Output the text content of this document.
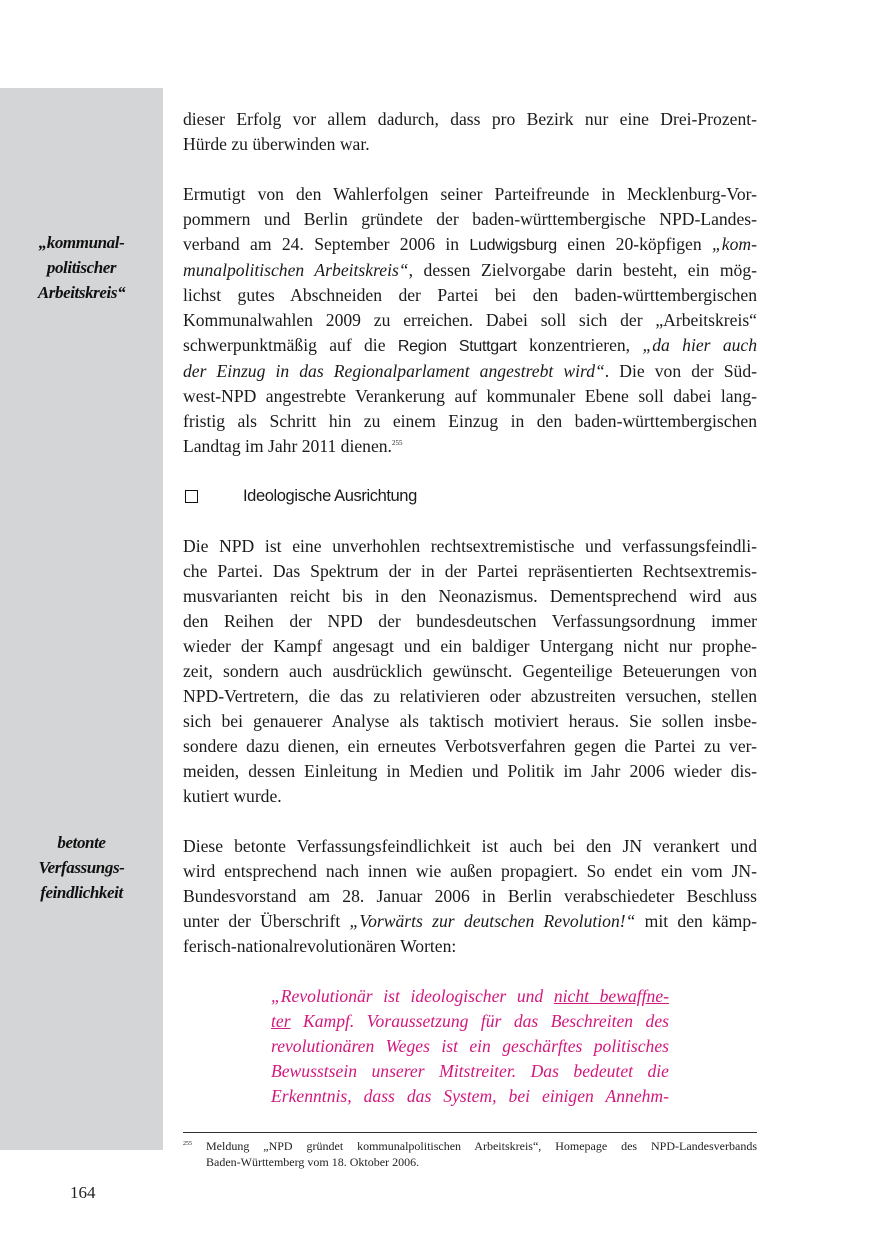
„kommunal-
politischer
Arbeitskreis“
betonte
Verfassungs-
feindlichkeit
dieser Erfolg vor allem dadurch, dass pro Bezirk nur eine Drei-Prozent-
Hürde zu überwinden war.
Ermutigt von den Wahlerfolgen seiner Parteifreunde in Mecklenburg-Vor-
pommern und Berlin gründete der baden-württembergische NPD-Landes-
verband am 24. September 2006 in Ludwigsburg einen 20-köpfigen „kom-
munalpolitischen Arbeitskreis“, dessen Zielvorgabe darin besteht, ein mög-
lichst gutes Abschneiden der Partei bei den baden-württembergischen
Kommunalwahlen 2009 zu erreichen. Dabei soll sich der „Arbeitskreis“
schwerpunktmäßig auf die Region Stuttgart konzentrieren, „da hier auch
der Einzug in das Regionalparlament angestrebt wird“. Die von der Süd-
west-NPD angestrebte Verankerung auf kommunaler Ebene soll dabei lang-
fristig als Schritt hin zu einem Einzug in den baden-württembergischen
Landtag im Jahr 2011 dienen.$^{255}$
Ideologische Ausrichtung
Die NPD ist eine unverhohlen rechtsextremistische und verfassungsfeindli-
che Partei. Das Spektrum der in der Partei repräsentierten Rechtsextremis-
musvarianten reicht bis in den Neonazismus. Dementsprechend wird aus
den Reihen der NPD der bundesdeutschen Verfassungsordnung immer
wieder der Kampf angesagt und ein baldiger Untergang nicht nur prophe-
zeit, sondern auch ausdrücklich gewünscht. Gegenteilige Beteuerungen von
NPD-Vertretern, die das zu relativieren oder abzustreiten versuchen, stellen
sich bei genauerer Analyse als taktisch motiviert heraus. Sie sollen insbe-
sondere dazu dienen, ein erneutes Verbotsverfahren gegen die Partei zu ver-
meiden, dessen Einleitung in Medien und Politik im Jahr 2006 wieder dis-
kutiert wurde.
Diese betonte Verfassungsfeindlichkeit ist auch bei den JN verankert und
wird entsprechend nach innen wie außen propagiert. So endet ein vom JN-
Bundesvorstand am 28. Januar 2006 in Berlin verabschiedeter Beschluss
unter der Überschrift „Vorwärts zur deutschen Revolution!“ mit den kämp-
ferisch-nationalrevolutionären Worten:
„Revolutionär ist ideologischer und nicht bewaffne-
ter Kampf. Voraussetzung für das Beschreiten des
revolutionären Weges ist ein geschärftes politisches
Bewusstsein unserer Mitstreiter. Das bedeutet die
Erkenntnis, dass das System, bei einigen Annehm-
255 Meldung „NPD gründet kommunalpolitischen Arbeitskreis“, Homepage des NPD-Landesverbands
Baden-Württemberg vom 18. Oktober 2006.
164
